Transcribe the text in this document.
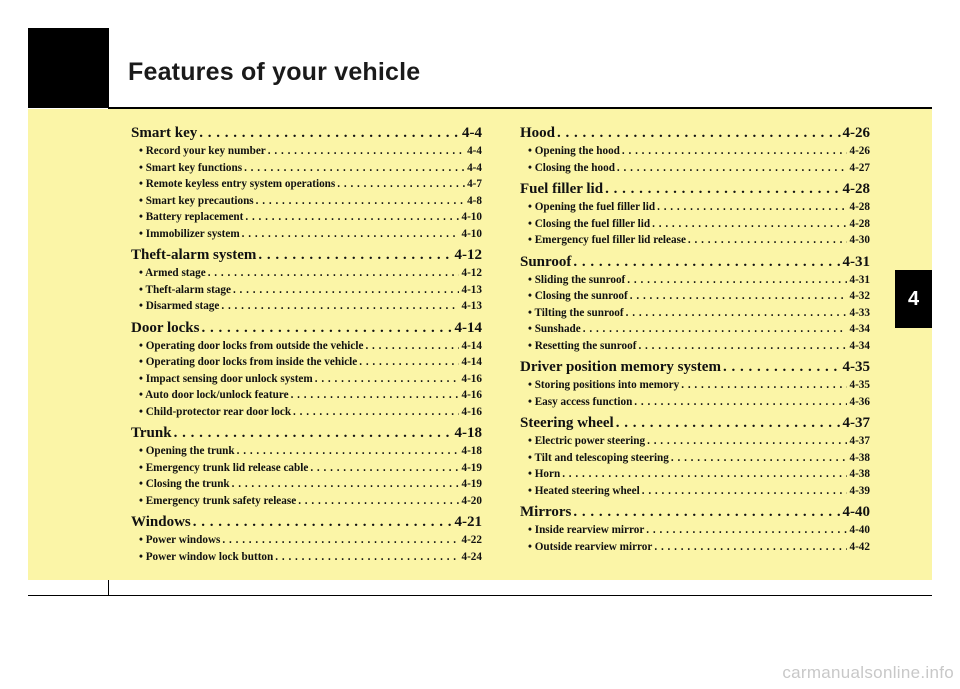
Features of your vehicle
4
Smart key . . .	4-4
• Record your key number . . .	4-4
• Smart key functions . . .	4-4
• Remote keyless entry system operations . . .	4-7
• Smart key precautions . . .	4-8
• Battery replacement . . .	4-10
• Immobilizer system . . .	4-10
Theft-alarm system . . .	4-12
• Armed stage . . .	4-12
• Theft-alarm stage . . .	4-13
• Disarmed stage . . .	4-13
Door locks . . .	4-14
• Operating door locks from outside the vehicle . . .	4-14
• Operating door locks from inside the vehicle . . .	4-14
• Impact sensing door unlock system . . .	4-16
• Auto door lock/unlock feature . . .	4-16
• Child-protector rear door lock . . .	4-16
Trunk . . .	4-18
• Opening the trunk . . .	4-18
• Emergency trunk lid release cable . . .	4-19
• Closing the trunk . . .	4-19
• Emergency trunk safety release . . .	4-20
Windows . . .	4-21
• Power windows . . .	4-22
• Power window lock button . . .	4-24
Hood . . .	4-26
• Opening the hood . . .	4-26
• Closing the hood . . .	4-27
Fuel filler lid . . .	4-28
• Opening the fuel filler lid . . .	4-28
• Closing the fuel filler lid . . .	4-28
• Emergency fuel filler lid release . . .	4-30
Sunroof . . .	4-31
• Sliding the sunroof . . .	4-31
• Closing the sunroof . . .	4-32
• Tilting the sunroof . . .	4-33
• Sunshade . . .	4-34
• Resetting the sunroof . . .	4-34
Driver position memory system . . .	4-35
• Storing positions into memory . . .	4-35
• Easy access function . . .	4-36
Steering wheel . . .	4-37
• Electric power steering . . .	4-37
• Tilt and telescoping steering . . .	4-38
• Horn . . .	4-38
• Heated steering wheel . . .	4-39
Mirrors . . .	4-40
• Inside rearview mirror . . .	4-40
• Outside rearview mirror . . .	4-42
carmanualsonline.info
